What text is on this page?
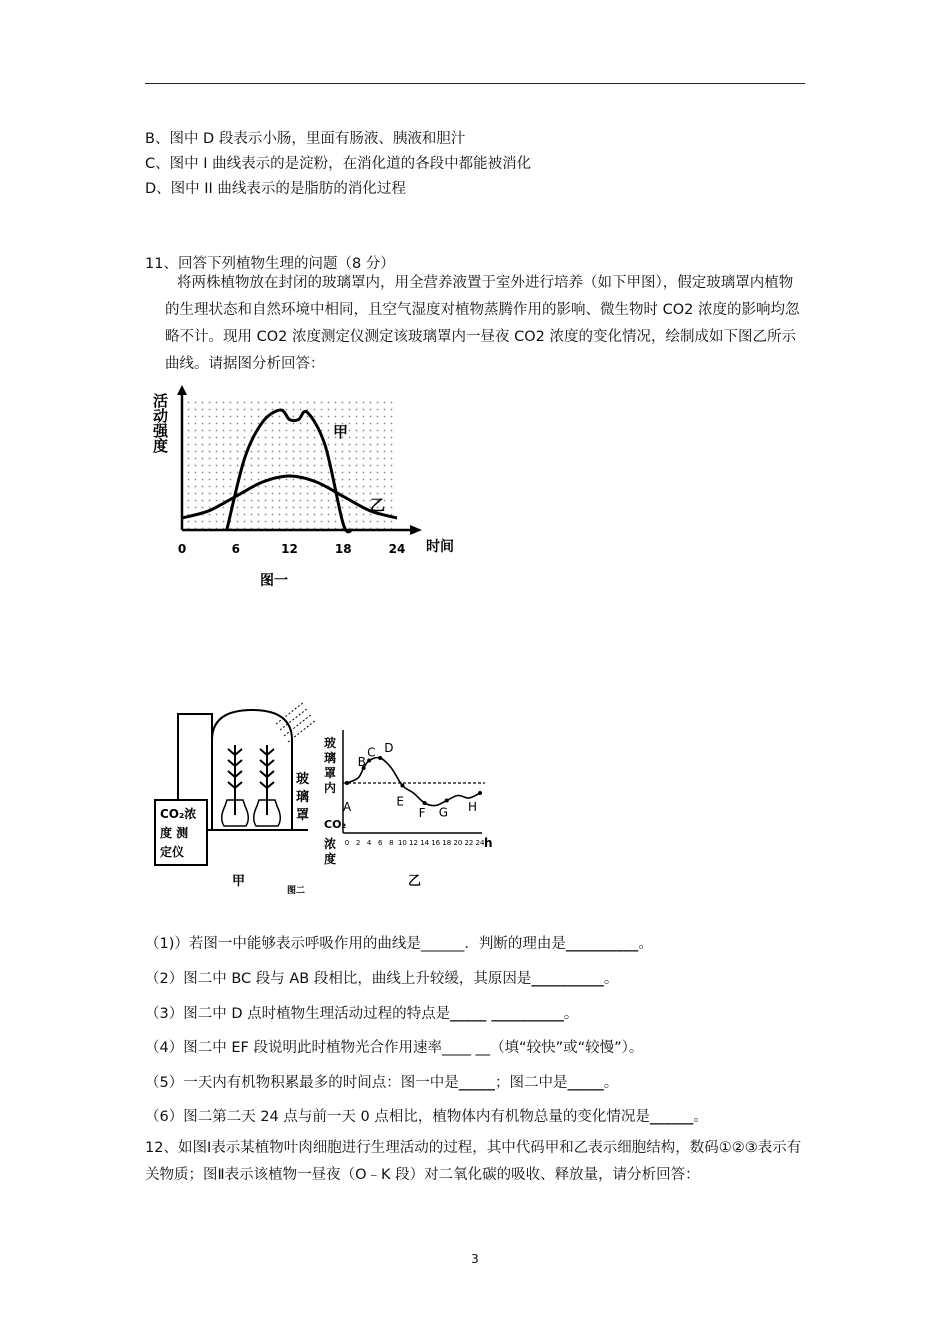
B、图中 D 段表示小肠，里面有肠液、胰液和胆汁
C、图中 I 曲线表示的是淀粉，在消化道的各段中都能被消化
D、图中 II 曲线表示的是脂肪的消化过程
11、回答下列植物生理的问题（8 分）
将两株植物放在封闭的玻璃罩内，用全营养液置于室外进行培养（如下甲图），假定玻璃罩内植物的生理状态和自然环境中相同，且空气湿度对植物蒸腾作用的影响、微生物时 CO2 浓度的影响均忽略不计。现用 CO2 浓度测定仪测定该玻璃罩内一昼夜 CO2 浓度的变化情况，绘制成如下图乙所示曲线。请据图分析回答：
活动强度
0	6	12	18	24 时间
甲
乙
图一
CO₂浓
度 测
定仪
玻
璃
罩
甲
图二
玻
璃
罩
内
CO₂
浓
度
0 2 4 6 8 10 12 14 16 18 20 22 24
A
B
C D
E
F G H
h
乙
（1)）若图一中能够表示呼吸作用的曲线是______．判断的理由是__________。
（2）图二中 BC 段与 AB 段相比，曲线上升较缓，其原因是__________。
（3）图二中 D 点时植物生理活动过程的特点是_____ __________。
（4）图二中 EF 段说明此时植物光合作用速率____ __（填“较快”或“较慢”）。
（5）一天内有机物积累最多的时间点：图一中是_____；图二中是_____。
（6）图二第二天 24 点与前一天 0 点相比，植物体内有机物总量的变化情况是______。
12、如图Ⅰ表示某植物叶肉细胞进行生理活动的过程，其中代码甲和乙表示细胞结构，数码①②③表示有关物质；图Ⅱ表示该植物一昼夜（O﹣K 段）对二氧化碳的吸收、释放量，请分析回答：
3
